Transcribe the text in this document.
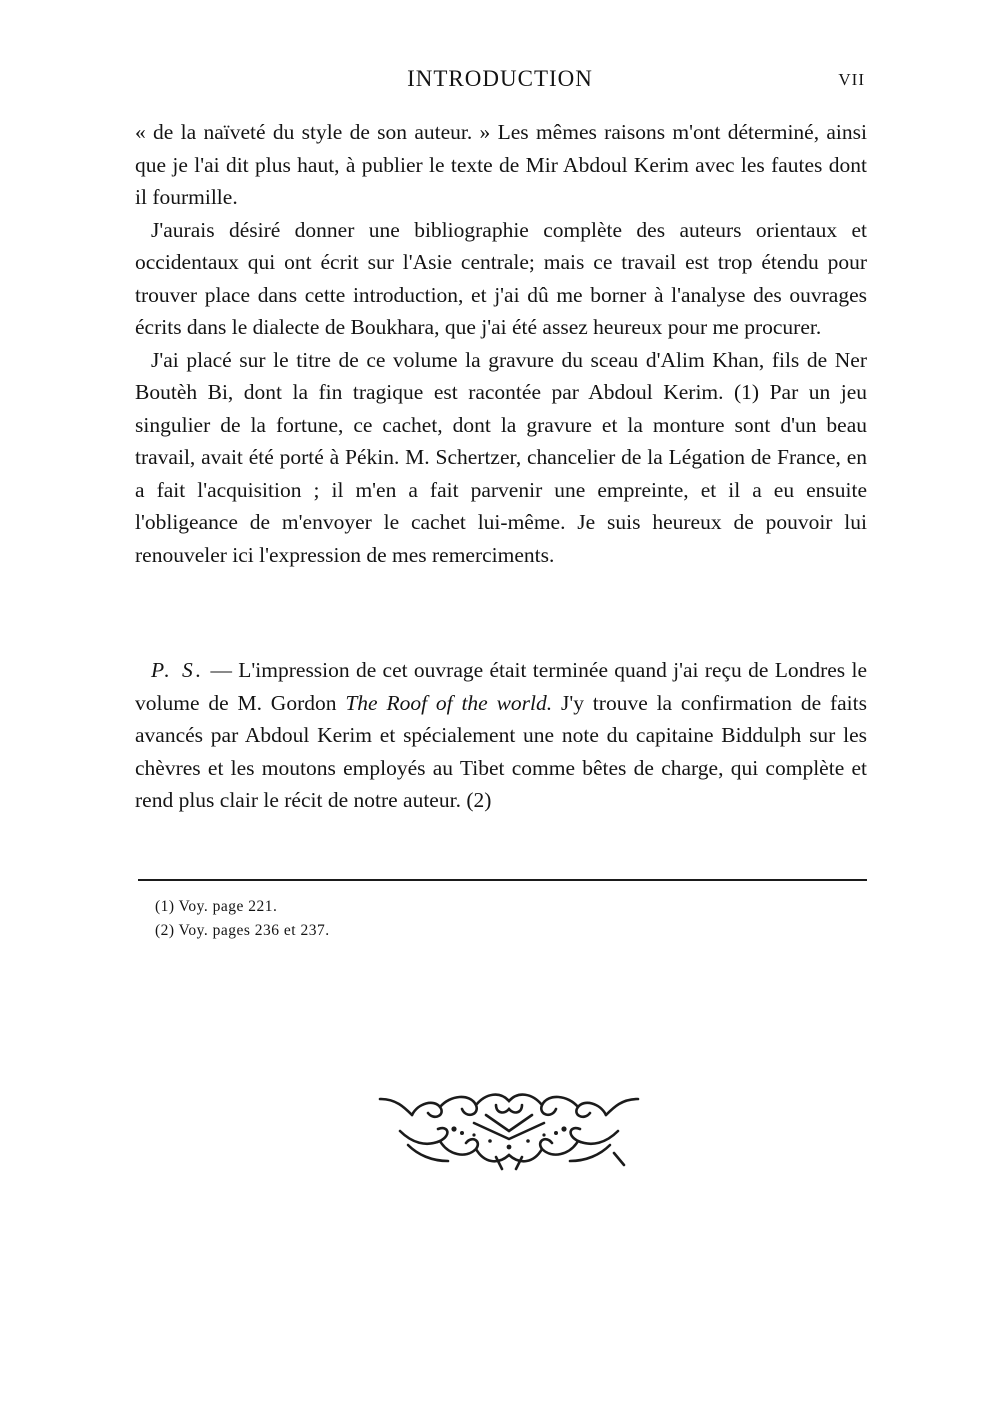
INTRODUCTION	VII

« de la naïveté du style de son auteur. » Les mêmes raisons m'ont déterminé, ainsi que je l'ai dit plus haut, à publier le texte de Mir Abdoul Kerim avec les fautes dont il fourmille.

J'aurais désiré donner une bibliographie complète des auteurs orientaux et occidentaux qui ont écrit sur l'Asie centrale; mais ce travail est trop étendu pour trouver place dans cette introduction, et j'ai dû me borner à l'analyse des ouvrages écrits dans le dialecte de Boukhara, que j'ai été assez heureux pour me procurer.

J'ai placé sur le titre de ce volume la gravure du sceau d'Alim Khan, fils de Ner Boutèh Bi, dont la fin tragique est racontée par Abdoul Kerim. (1) Par un jeu singulier de la fortune, ce cachet, dont la gravure et la monture sont d'un beau travail, avait été porté à Pékin. M. Schertzer, chancelier de la Légation de France, en a fait l'acquisition ; il m'en a fait parvenir une empreinte, et il a eu ensuite l'obligeance de m'envoyer le cachet lui-même. Je suis heureux de pouvoir lui renouveler ici l'expression de mes remerciments.

P. S. — L'impression de cet ouvrage était terminée quand j'ai reçu de Londres le volume de M. Gordon The Roof of the world. J'y trouve la confirmation de faits avancés par Abdoul Kerim et spécialement une note du capitaine Biddulph sur les chèvres et les moutons employés au Tibet comme bêtes de charge, qui complète et rend plus clair le récit de notre auteur. (2)

(1) Voy. page 221.

(2) Voy. pages 236 et 237.
